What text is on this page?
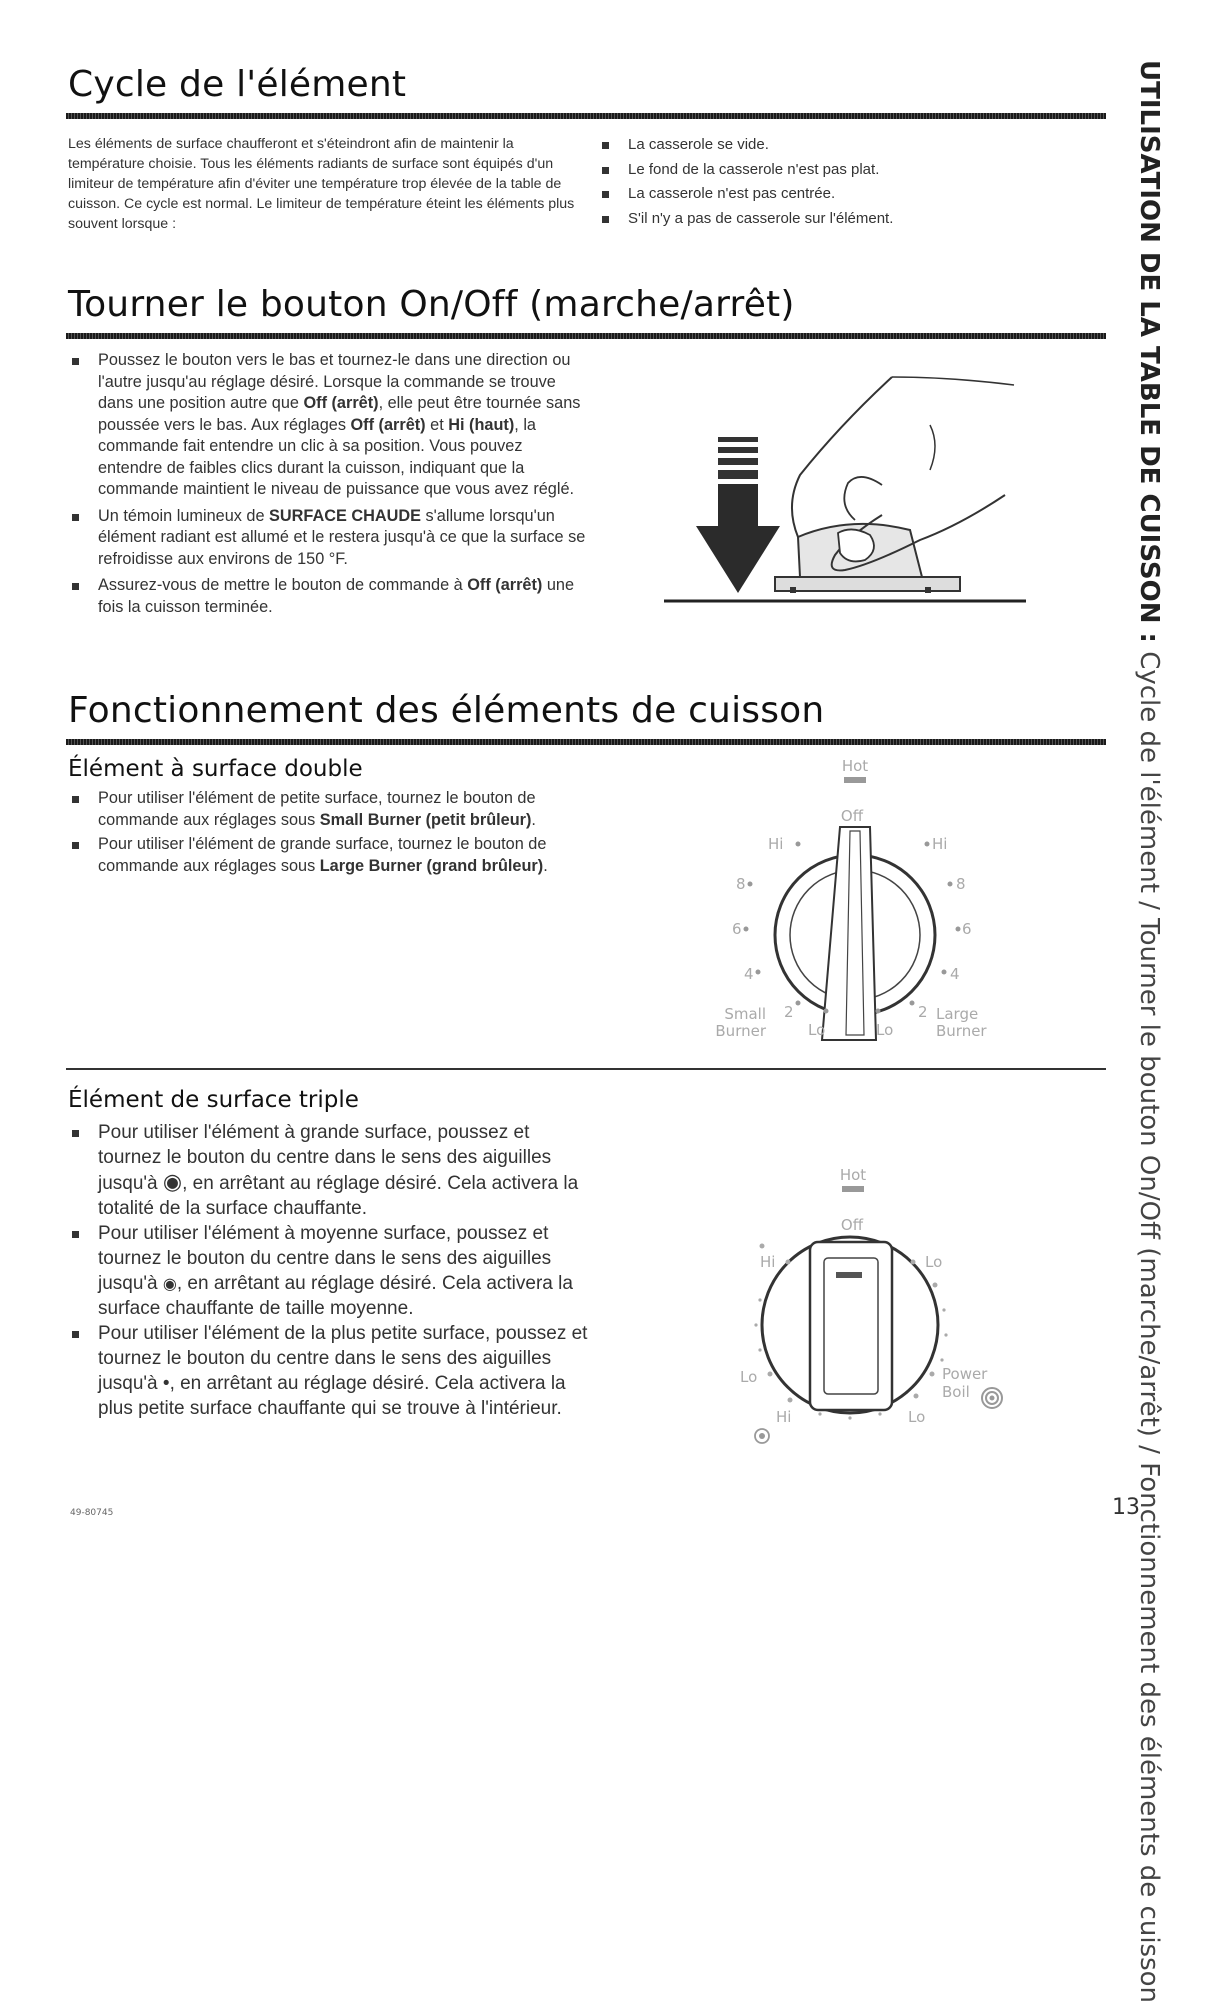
Cycle de l'élément
Les éléments de surface chaufferont et s'éteindront afin de maintenir la température choisie. Tous les éléments radiants de surface sont équipés d'un limiteur de température afin d'éviter une température trop élevée de la table de cuisson. Ce cycle est normal. Le limiteur de température éteint les éléments plus souvent lorsque :
La casserole se vide.
Le fond de la casserole n'est pas plat.
La casserole n'est pas centrée.
S'il n'y a pas de casserole sur l'élément.
Tourner le bouton On/Off (marche/arrêt)
Poussez le bouton vers le bas et tournez-le dans une direction ou l'autre jusqu'au réglage désiré. Lorsque la commande se trouve dans une position autre que Off (arrêt), elle peut être tournée sans poussée vers le bas. Aux réglages Off (arrêt) et Hi (haut), la commande fait entendre un clic à sa position. Vous pouvez entendre de faibles clics durant la cuisson, indiquant que la commande maintient le niveau de puissance que vous avez réglé.
Un témoin lumineux de SURFACE CHAUDE s'allume lorsqu'un élément radiant est allumé et le restera jusqu'à ce que la surface se refroidisse aux environs de 150 °F.
Assurez-vous de mettre le bouton de commande à Off (arrêt) une fois la cuisson terminée.
Fonctionnement des éléments de cuisson
Élément à surface double
Pour utiliser l'élément de petite surface, tournez le bouton de commande aux réglages sous Small Burner (petit brûleur).
Pour utiliser l'élément de grande surface, tournez le bouton de commande aux réglages sous Large Burner (grand brûleur).
Hot
Off
Hi	Hi
8	8
6	6
4	4
2	2
Lo	Lo
Small
Burner
Large
Burner
Élément de surface triple
Pour utiliser l'élément à grande surface, poussez et tournez le bouton du centre dans le sens des aiguilles jusqu'à ◉, en arrêtant au réglage désiré. Cela activera la totalité de la surface chauffante.
Pour utiliser l'élément à moyenne surface, poussez et tournez le bouton du centre dans le sens des aiguilles jusqu'à ◉, en arrêtant au réglage désiré. Cela activera la surface chauffante de taille moyenne.
Pour utiliser l'élément de la plus petite surface, poussez et tournez le bouton du centre dans le sens des aiguilles jusqu'à •, en arrêtant au réglage désiré. Cela activera la plus petite surface chauffante qui se trouve à l'intérieur.
Hot
Off
Hi	Lo
Lo	Power
Boil
Hi	Lo
UTILISATION DE LA TABLE DE CUISSON : Cycle de l'élément / Tourner le bouton On/Off (marche/arrêt) / Fonctionnement des éléments de cuisson
49-80745	13
